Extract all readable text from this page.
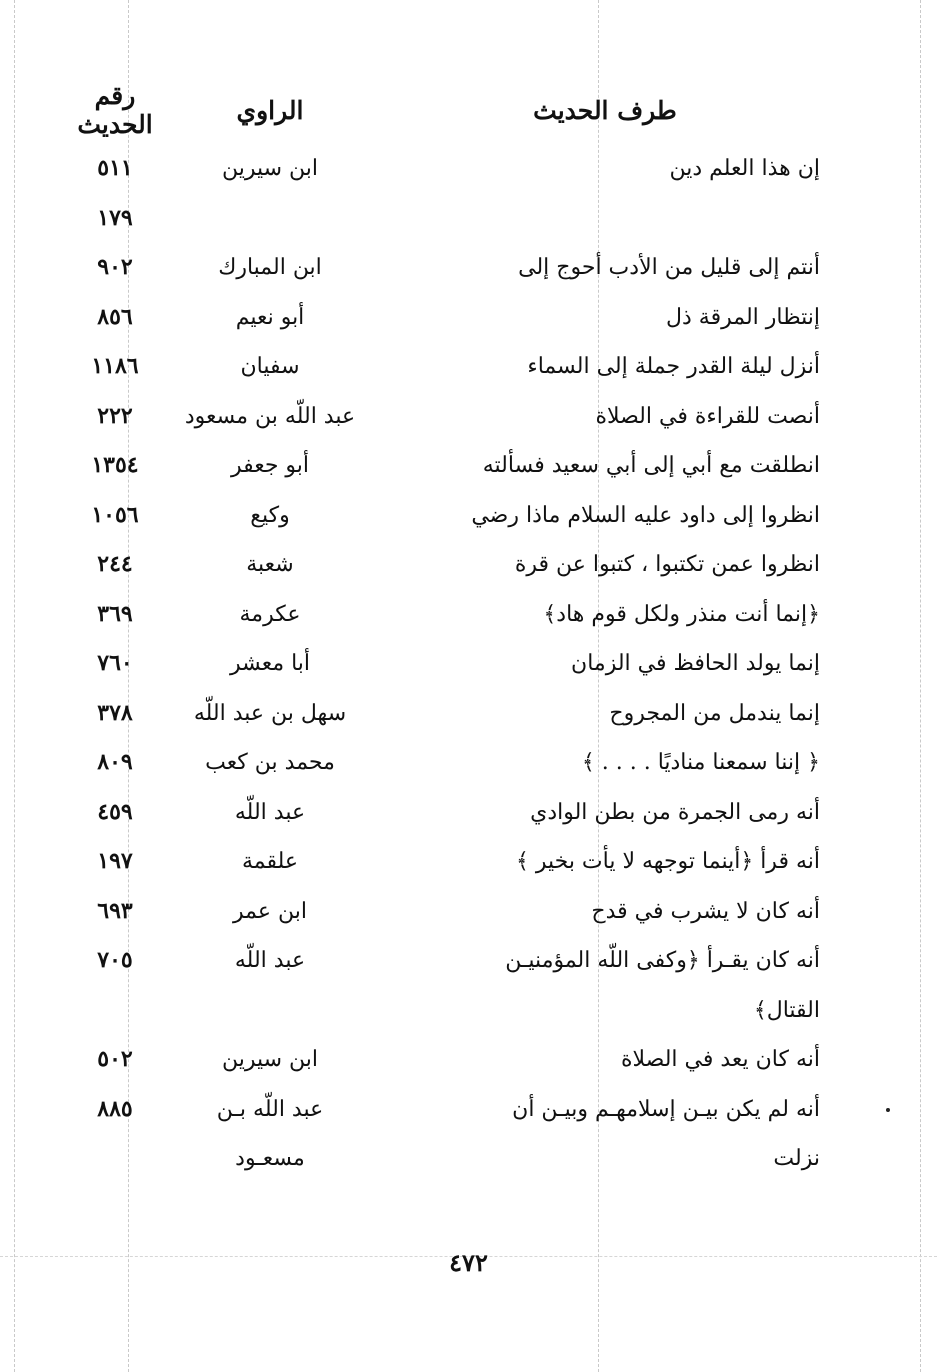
طرف الحديث
الراوي
رقم الحديث
إن هذا العلم دين
ابن سيرين
٥١١
١٧٩
أنتم إلى قليل من الأدب أحوج إلى
ابن المبارك
٩٠٢
إنتظار المرقة ذل
أبو نعيم
٨٥٦
أنزل ليلة القدر جملة إلى السماء
سفيان
١١٨٦
أنصت للقراءة في الصلاة
عبد اللّه بن مسعود
٢٢٢
انطلقت مع أبي إلى أبي سعيد فسألته
أبو جعفر
١٣٥٤
انظروا إلى داود عليه السلام ماذا رضي
وكيع
١٠٥٦
انظروا عمن تكتبوا ، كتبوا عن قرة
شعبة
٢٤٤
﴿إنما أنت منذر ولكل قوم هاد﴾
عكرمة
٣٦٩
إنما يولد الحافظ في الزمان
أبا معشر
٧٦٠
إنما يندمل من المجروح
سهل بن عبد اللّه
٣٧٨
﴿ إننا سمعنا مناديًا . . . . ﴾
محمد بن كعب
٨٠٩
أنه رمى الجمرة من بطن الوادي
عبد اللّه
٤٥٩
أنه قرأ ﴿أينما توجهه لا يأت بخير ﴾
علقمة
١٩٧
أنه كان لا يشرب في قدح
ابن عمر
٦٩٣
أنه كان يقـرأ ﴿وكفى اللّه المؤمنيـن
عبد اللّه
٧٠٥
القتال﴾
أنه كان يعد في الصلاة
ابن سيرين
٥٠٢
أنه لم يكن بيـن إسلامهـم وبيـن أن
عبد اللّه بـن
٨٨٥
نزلت
مسعـود
٤٧٢
